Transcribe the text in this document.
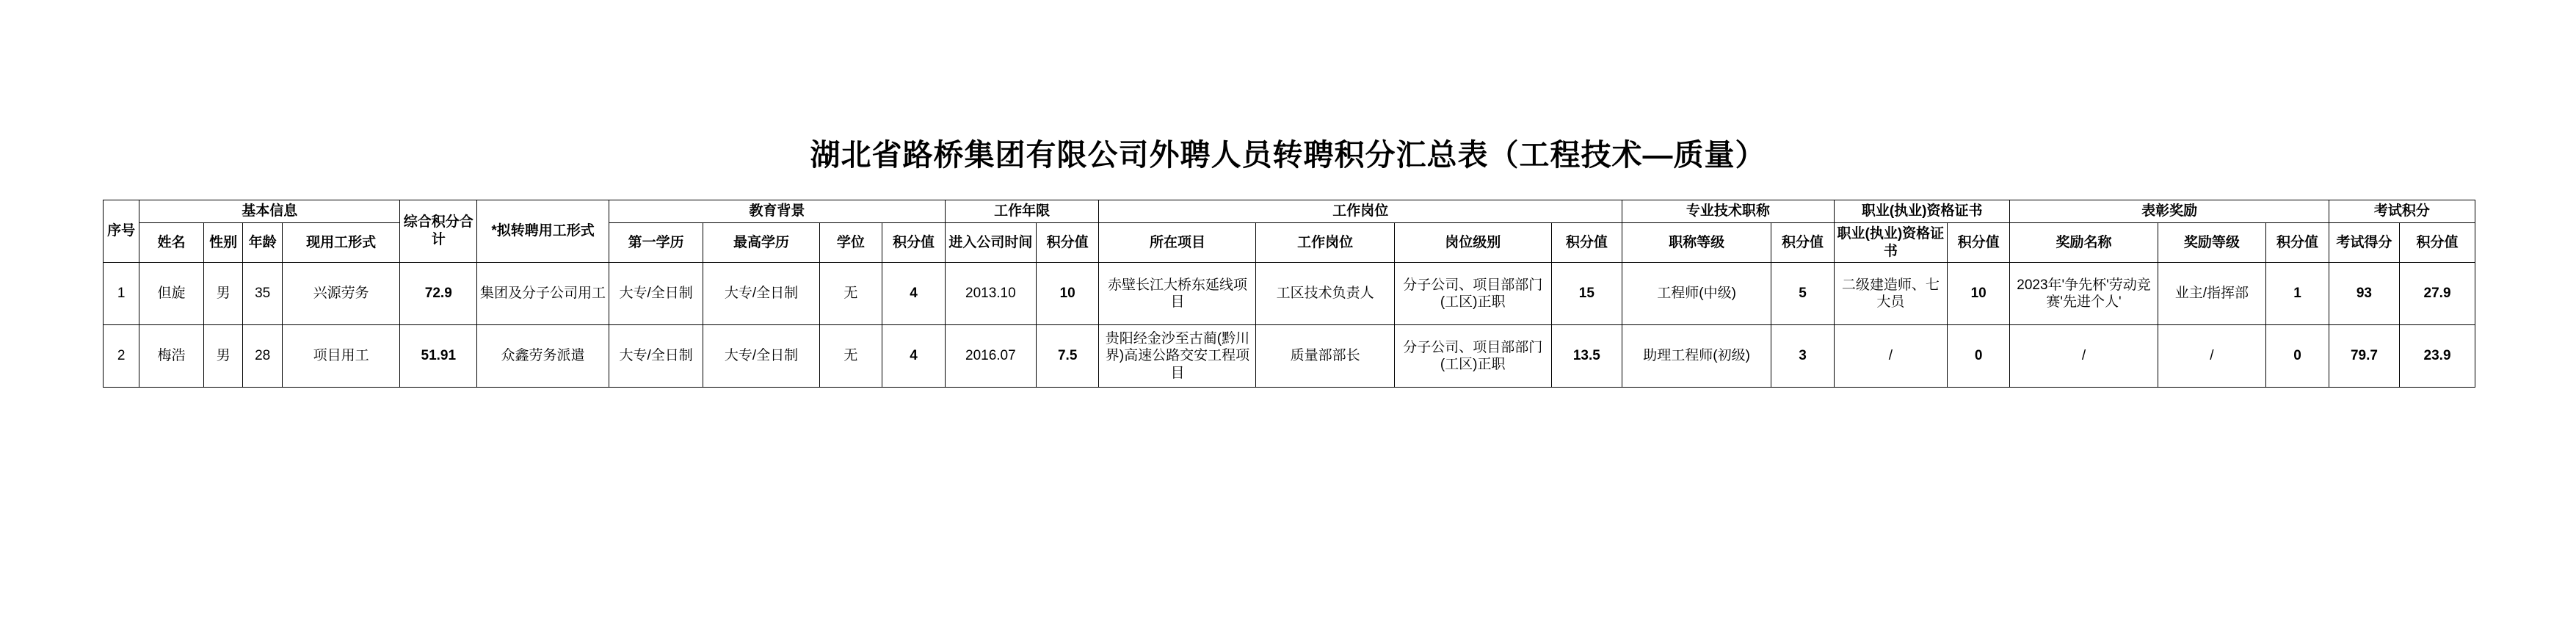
湖北省路桥集团有限公司外聘人员转聘积分汇总表（工程技术—质量）
序号	基本信息				综合积分合计	*拟转聘用工形式	教育背景				工作年限		工作岗位				专业技术职称		职业(执业)资格证书		表彰奖励			考试积分	
	姓名	性别	年龄	现用工形式			第一学历	最高学历	学位	积分值	进入公司时间	积分值	所在项目	工作岗位	岗位级别	积分值	职称等级	积分值	职业(执业)资格证书	积分值	奖励名称	奖励等级	积分值	考试得分	积分值
1	但旋	男	35	兴源劳务	72.9	集团及分子公司用工	大专/全日制	大专/全日制	无	4	2013.10	10	赤壁长江大桥东延线项目	工区技术负责人	分子公司、项目部部门(工区)正职	15	工程师(中级)	5	二级建造师、七大员	10	2023年'争先杯'劳动竞赛'先进个人'	业主/指挥部	1	93	27.9
2	梅浩	男	28	项目用工	51.91	众鑫劳务派遣	大专/全日制	大专/全日制	无	4	2016.07	7.5	贵阳经金沙至古蔺(黔川界)高速公路交安工程项目	质量部部长	分子公司、项目部部门(工区)正职	13.5	助理工程师(初级)	3	/	0	/	/	0	79.7	23.9
